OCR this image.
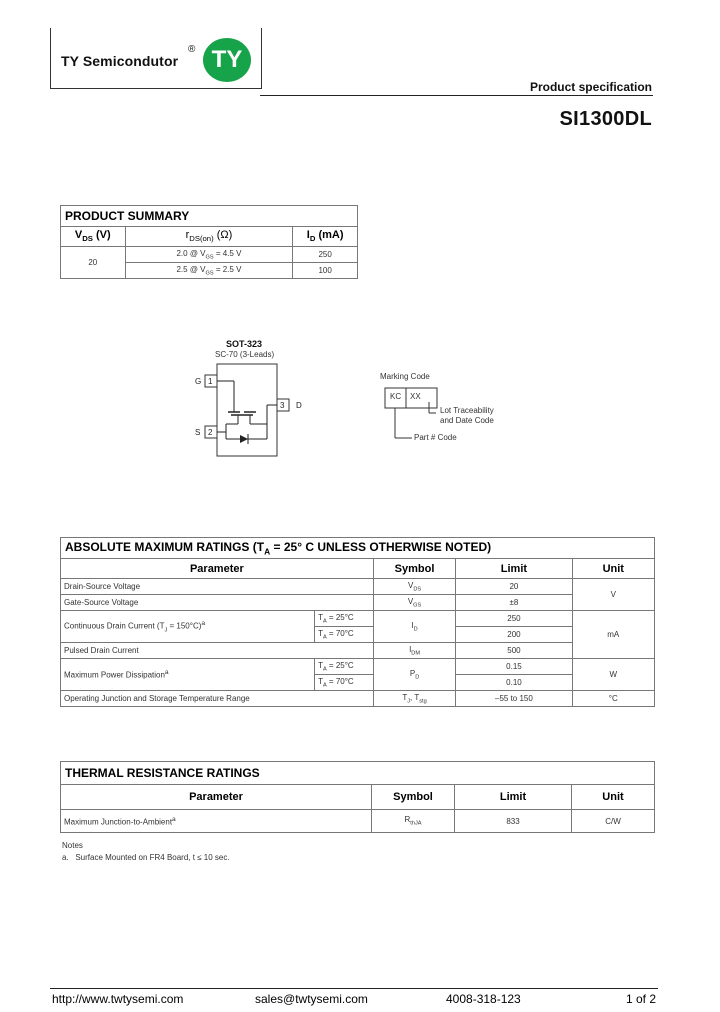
TY Semicondutor
® TY
Product specification
SI1300DL
PRODUCT SUMMARY		
$V_{DS}$ (V)	$r_{DS(on)}$ (Ω)	$I_D$ (mA)
20	2.0 @ $V_{GS} = 4.5$ V	250
	2.5 @ $V_{GS} = 2.5$ V	100
SOT-323
SC-70 (3-Leads)
G
S
D
1
2
3
Marking Code
KC XX
Lot Traceability
and Date Code
Part # Code
ABSOLUTE MAXIMUM RATINGS ($T_A = 25^\circ$ C UNLESS OTHERWISE NOTED)				
Parameter		Symbol	Limit	Unit
Drain-Source Voltage		$V_{DS}$	20	V
Gate-Source Voltage		$V_{GS}$	±8	
Continuous Drain Current $(T_J = 150^\circ C)^a$	$T_A = 25^\circ C$	$I_D$	250	mA
	$T_A = 70^\circ C$		200	
Pulsed Drain Current		$I_{DM}$	500	
Maximum Power Dissipation$^a$	$T_A = 25^\circ C$	$P_D$	0.15	W
	$T_A = 70^\circ C$		0.10	
Operating Junction and Storage Temperature Range		$T_J$, $T_{stg}$	–55 to 150	°C
THERMAL RESISTANCE RATINGS			
Parameter	Symbol	Limit	Unit
Maximum Junction-to-Ambient$^a$	$R_{thJA}$	833	C/W
Notes
a. Surface Mounted on FR4 Board, t ≤ 10 sec.
http://www.twtysemi.com	sales@twtysemi.com	4008-318-123	1 of 2
